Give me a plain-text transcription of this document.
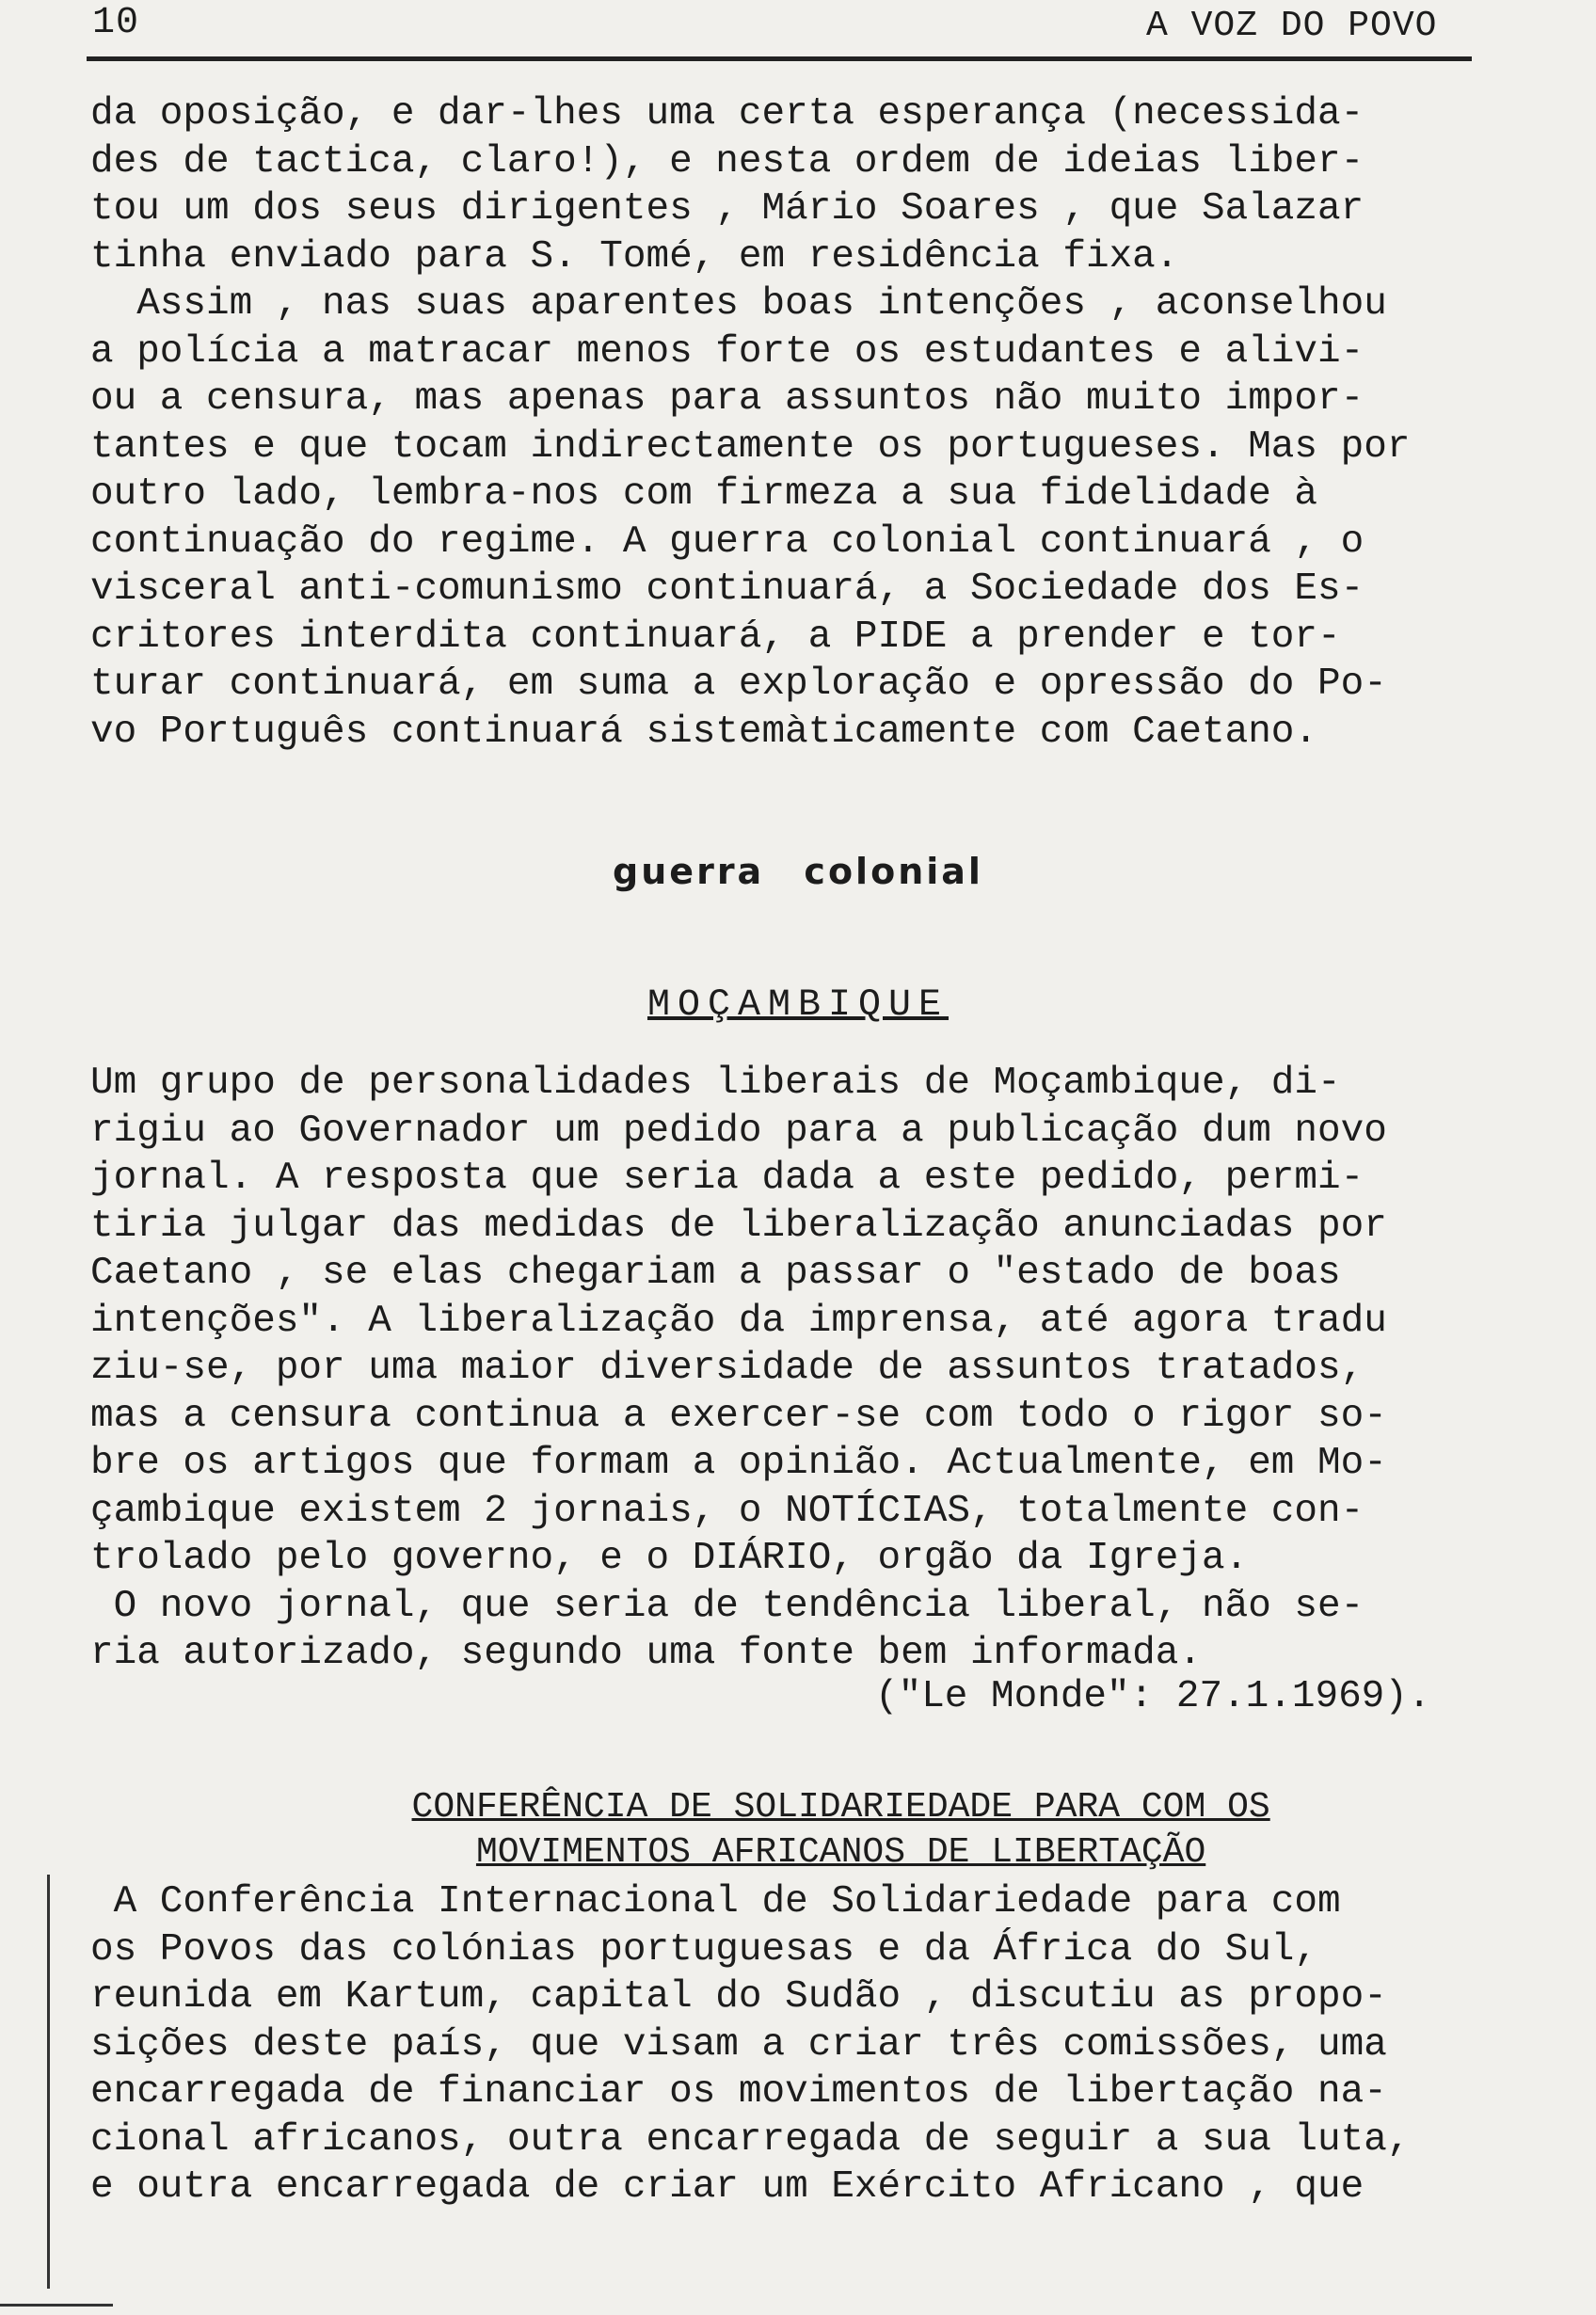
10	A VOZ DO POVO
da oposição, e dar-lhes uma certa esperança (necessida-
des de tactica, claro!), e nesta ordem de ideias liber-
tou um dos seus dirigentes , Mário Soares , que Salazar
tinha enviado para S. Tomé, em residência fixa.
Assim , nas suas aparentes boas intenções , aconselhou
a polícia a matracar menos forte os estudantes e alivi-
ou a censura, mas apenas para assuntos não muito impor-
tantes e que tocam indirectamente os portugueses. Mas por
outro lado, lembra-nos com firmeza a sua fidelidade à
continuação do regime. A guerra colonial continuará , o
visceral anti-comunismo continuará, a Sociedade dos Es-
critores interdita continuará, a PIDE a prender e tor-
turar continuará, em suma a exploração e opressão do Po-
vo Português continuará sistemàticamente com Caetano.
guerra colonial
MOÇAMBIQUE
Um grupo de personalidades liberais de Moçambique, di-
rigiu ao Governador um pedido para a publicação dum novo
jornal. A resposta que seria dada a este pedido, permi-
tiria julgar das medidas de liberalização anunciadas por
Caetano , se elas chegariam a passar o "estado de boas
intenções". A liberalização da imprensa, até agora tradu
ziu-se, por uma maior diversidade de assuntos tratados,
mas a censura continua a exercer-se com todo o rigor so-
bre os artigos que formam a opinião. Actualmente, em Mo-
çambique existem 2 jornais, o NOTÍCIAS, totalmente con-
trolado pelo governo, e o DIÁRIO, orgão da Igreja.
O novo jornal, que seria de tendência liberal, não se-
ria autorizado, segundo uma fonte bem informada.
("Le Monde": 27.1.1969).

CONFERÊNCIA DE SOLIDARIEDADE PARA COM OS

MOVIMENTOS AFRICANOS DE LIBERTAÇÃO

A Conferência Internacional de Solidariedade para com
os Povos das colónias portuguesas e da África do Sul,
reunida em Kartum, capital do Sudão , discutiu as propo-
sições deste país, que visam a criar três comissões, uma
encarregada de financiar os movimentos de libertação na-
cional africanos, outra encarregada de seguir a sua luta,
e outra encarregada de criar um Exército Africano , que
